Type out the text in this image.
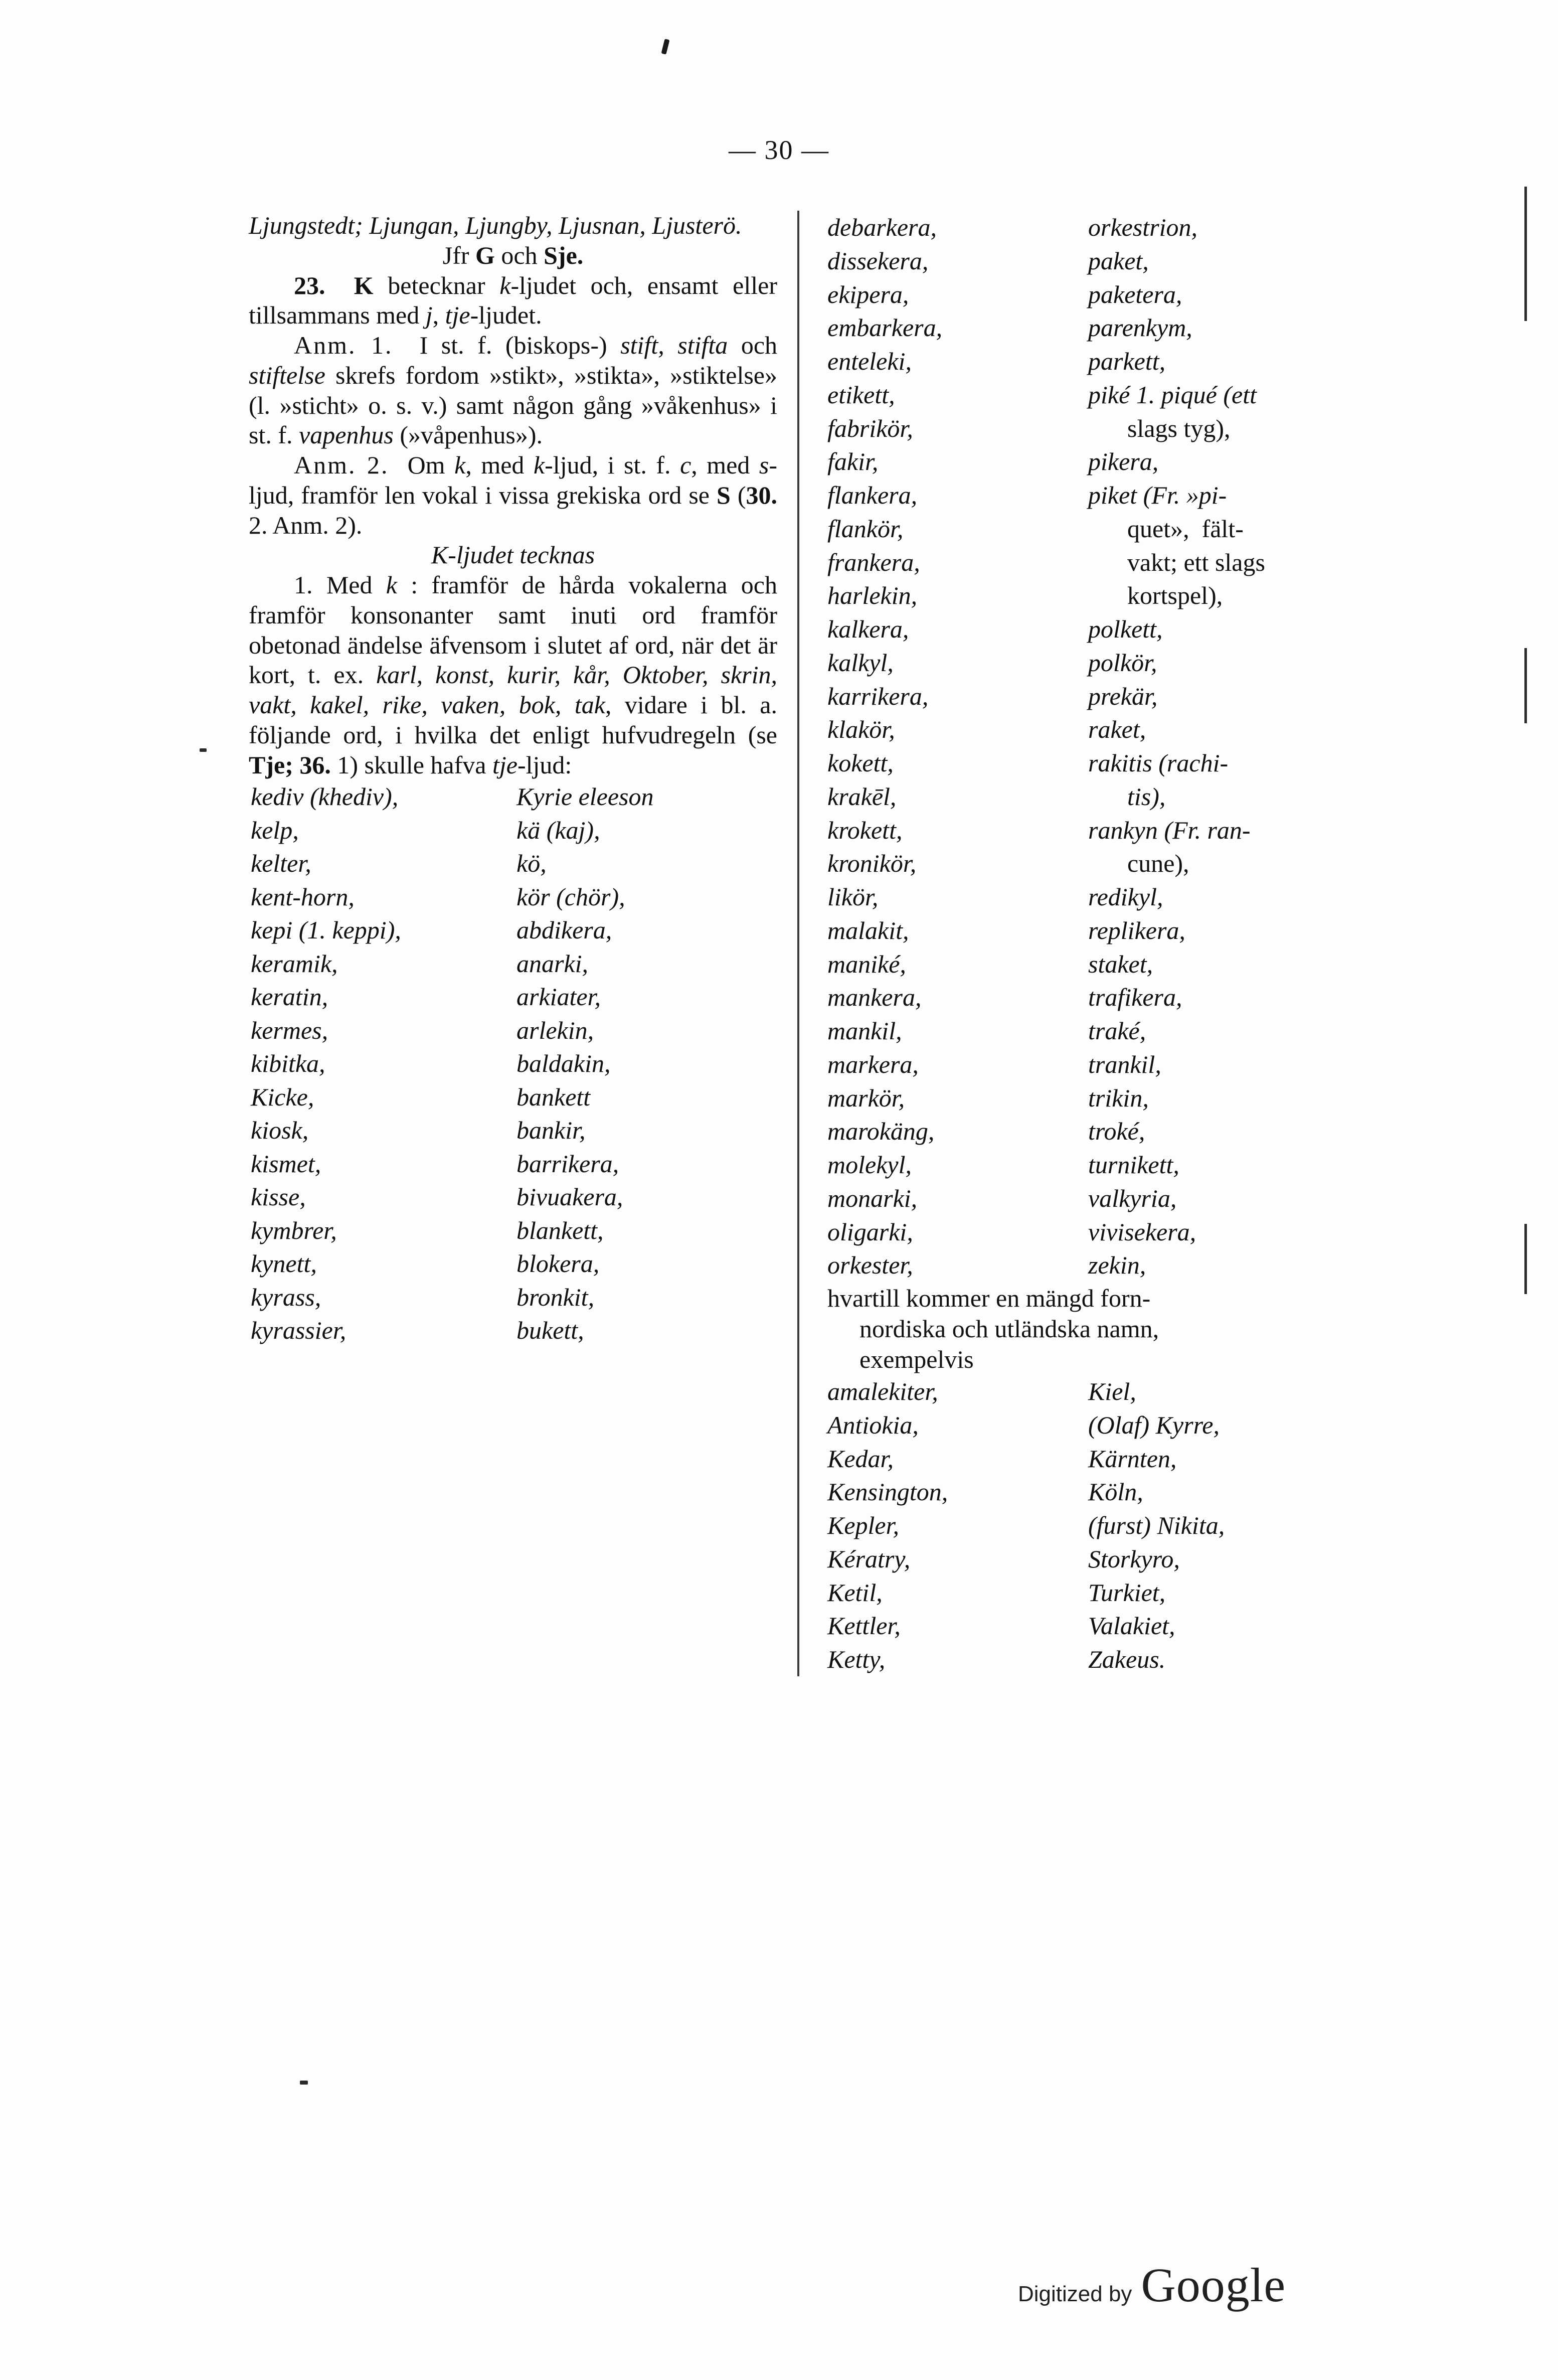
— 30 —

Ljungstedt; Ljungan, Ljungby, Ljusnan, Ljusterö.

Jfr G och Sje.

23. K betecknar k-ljudet och, ensamt eller tillsammans med j, tje-ljudet.

Anm. 1. I st. f. (biskops-) stift, stifta och stiftelse skrefs fordom »stikt», »stikta», »stiktelse» (l. »sticht» o. s. v.) samt någon gång »våkenhus» i st. f. vapenhus (»våpenhus»).

Anm. 2. Om k, med k-ljud, i st. f. c, med s-ljud, framför len vokal i vissa grekiska ord se S (30. 2. Anm. 2).

K-ljudet tecknas

1. Med k : framför de hårda vokalerna och framför konsonanter samt inuti ord framför obetonad ändelse äfvensom i slutet af ord, när det är kort, t. ex. karl, konst, kurir, kår, Oktober, skrin, vakt, kakel, rike, vaken, bok, tak, vidare i bl. a. följande ord, i hvilka det enligt hufvudregeln (se Tje; 36. 1) skulle hafva tje-ljud:

kediv (khediv),
kelp,
kelter,
kent-horn,
kepi (1. keppi),
keramik,
keratin,
kermes,
kibitka,
Kicke,
kiosk,
kismet,
kisse,
kymbrer,
kynett,
kyrass,
kyrassier,
Kyrie eleeson
kä (kaj),
kö,
kör (chör),
abdikera,
anarki,
arkiater,
arlekin,
baldakin,
bankett
bankir,
barrikera,
bivuakera,
blankett,
blokera,
bronkit,
bukett,
debarkera,
dissekera,
ekipera,
embarkera,
enteleki,
etikett,
fabrikör,
fakir,
flankera,
flankör,
frankera,
harlekin,
kalkera,
kalkyl,
karrikera,
klakör,
kokett,
krakēl,
krokett,
kronikör,
likör,
malakit,
maniké,
mankera,
mankil,
markera,
markör,
marokäng,
molekyl,
monarki,
oligarki,
orkester,
orkestrion,
paket,
paketera,
parenkym,
parkett,
piké 1. piqué (ett
slags tyg),
pikera,
piket (Fr. »pi-
quet»,  fält-
vakt; ett slags
kortspel),
polkett,
polkör,
prekär,
raket,
rakitis (rachi-
tis),
rankyn (Fr. ran-
cune),
redikyl,
replikera,
staket,
trafikera,
traké,
trankil,
trikin,
troké,
turnikett,
valkyria,
vivisekera,
zekin,
hvartill kommer en mängd forn-
nordiska och utländska namn,
exempelvis
amalekiter,
Antiokia,
Kedar,
Kensington,
Kepler,
Kératry,
Ketil,
Kettler,
Ketty,
Kiel,
(Olaf) Kyrre,
Kärnten,
Köln,
(furst) Nikita,
Storkyro,
Turkiet,
Valakiet,
Zakeus.
Digitized by Google
